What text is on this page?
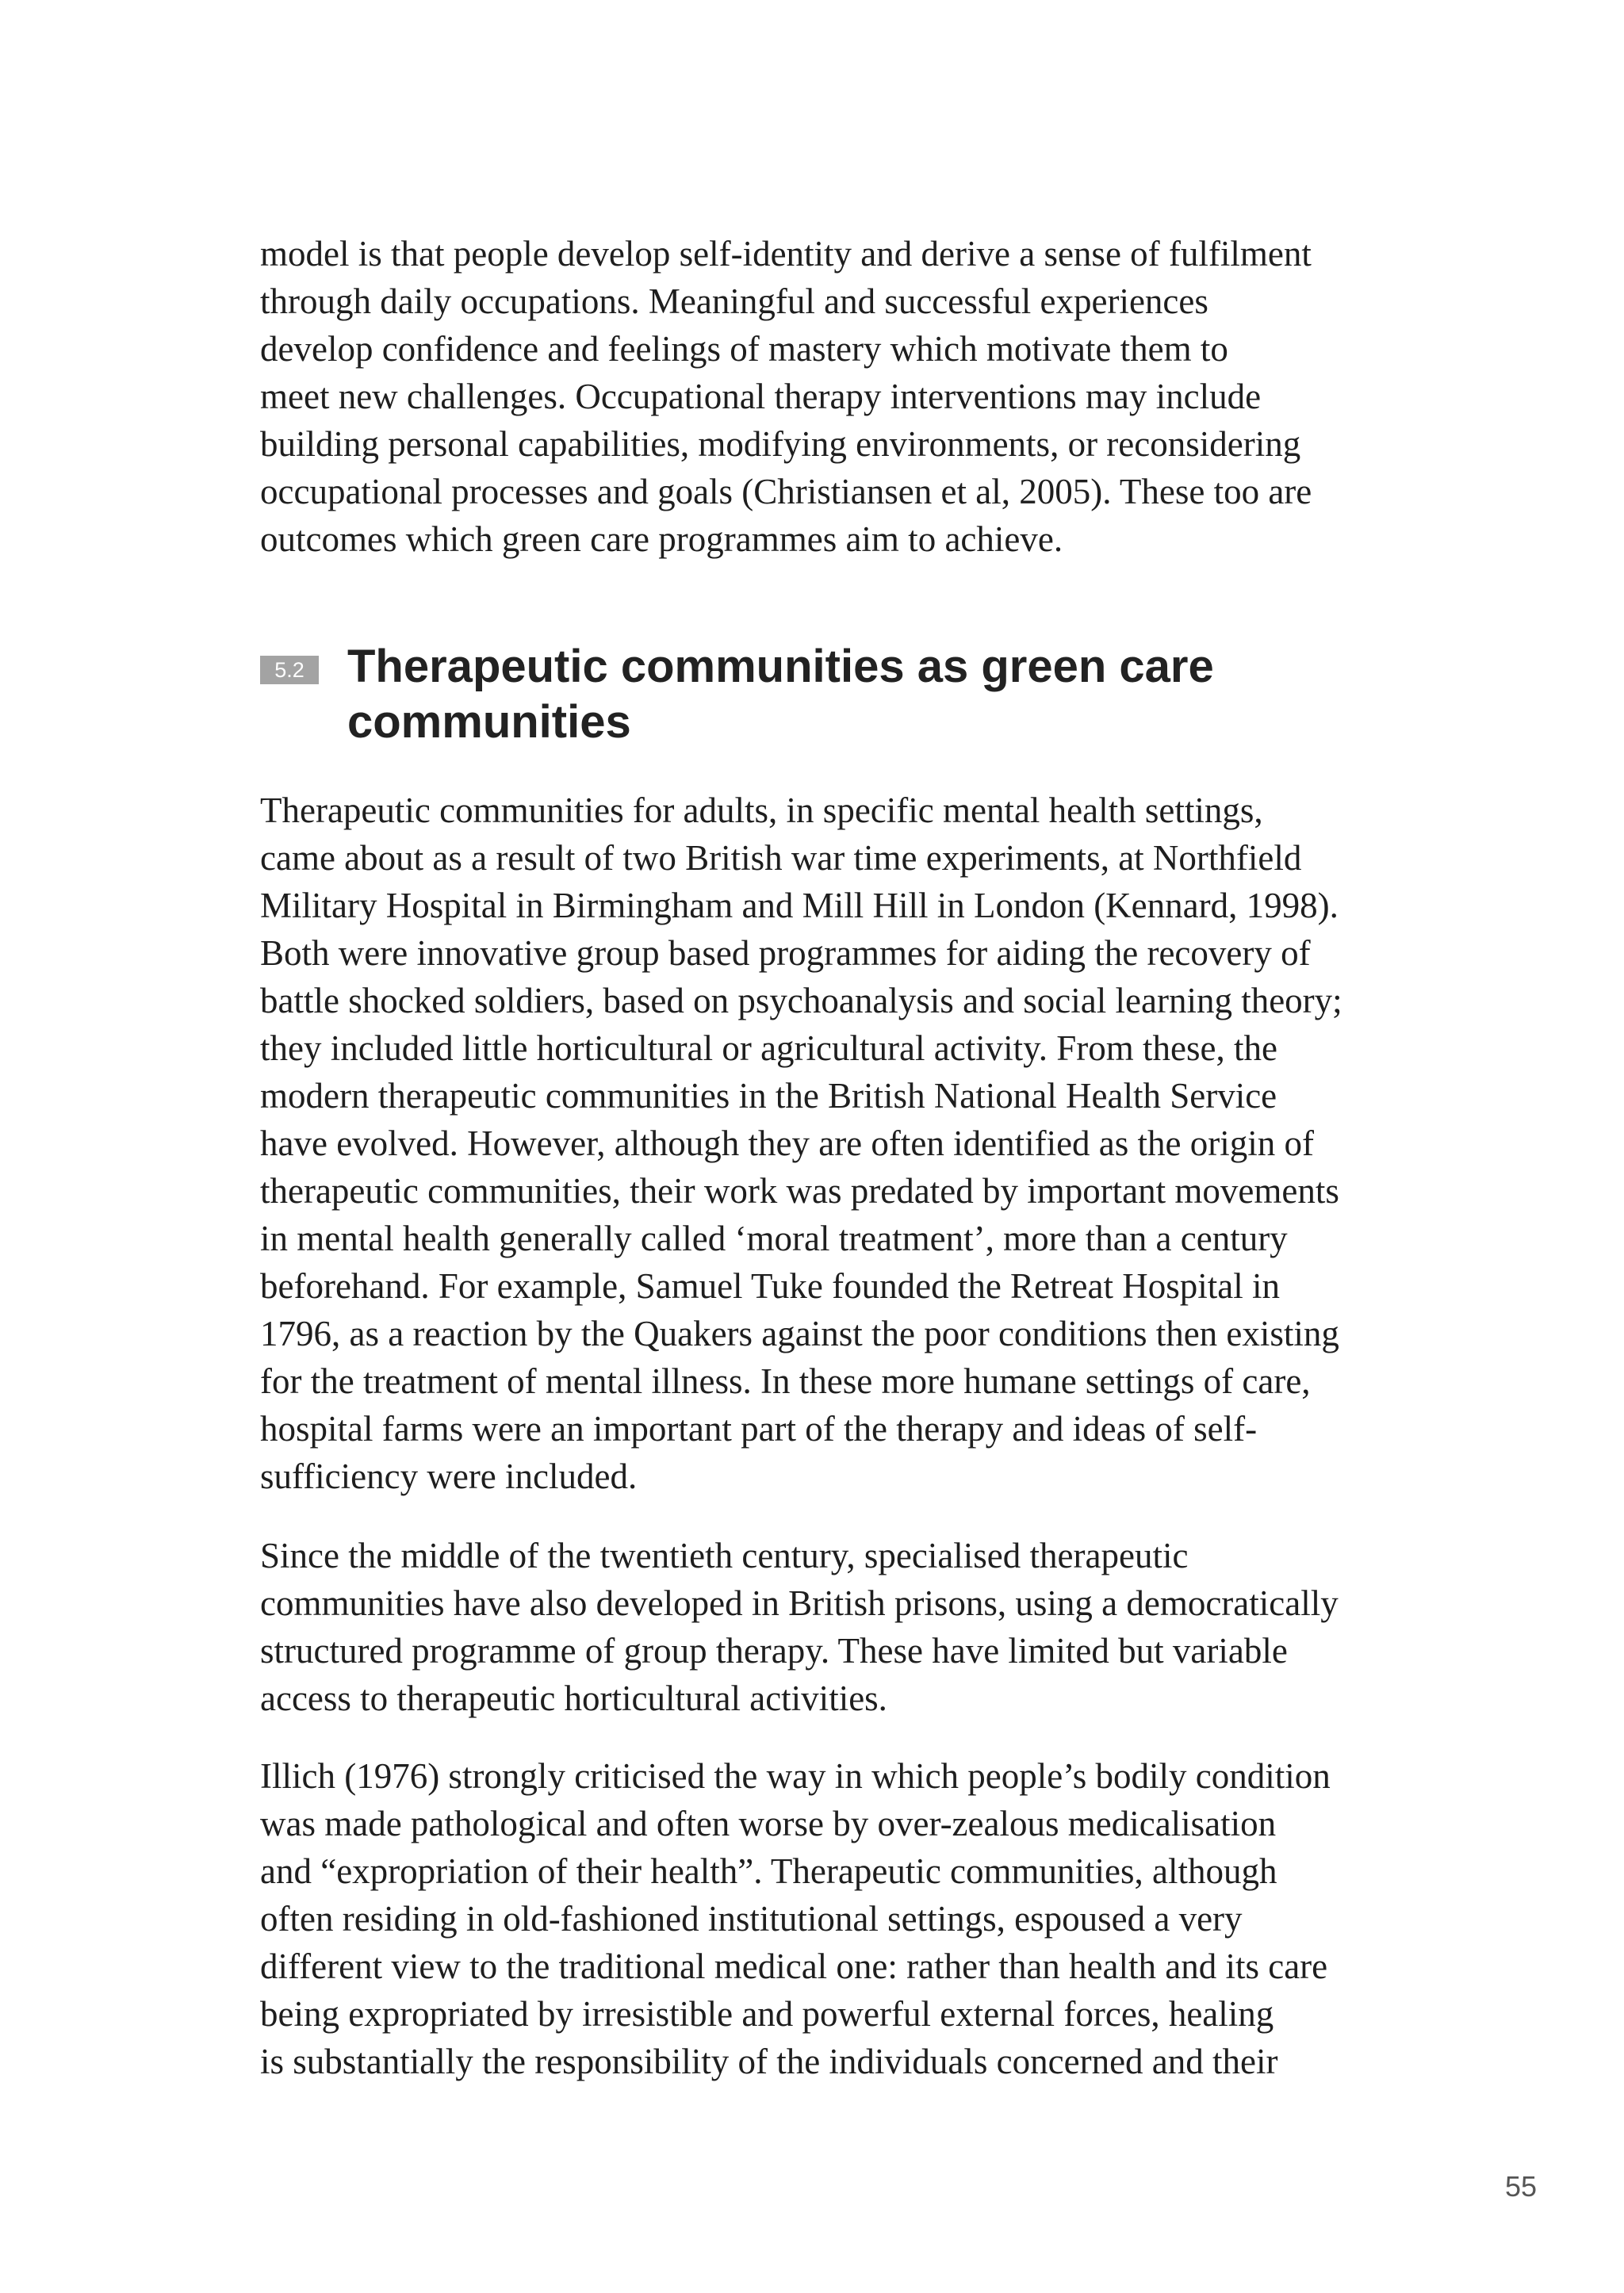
model is that people develop self-identity and derive a sense of fulfilment
through daily occupations. Meaningful and successful experiences
develop confidence and feelings of mastery which motivate them to
meet new challenges. Occupational therapy interventions may include
building personal capabilities, modifying environments, or reconsidering
occupational processes and goals (Christiansen et al, 2005). These too are
outcomes which green care programmes aim to achieve.

5.2 Therapeutic communities as green care
communities

Therapeutic communities for adults, in specific mental health settings,
came about as a result of two British war time experiments, at Northfield
Military Hospital in Birmingham and Mill Hill in London (Kennard, 1998).
Both were innovative group based programmes for aiding the recovery of
battle shocked soldiers, based on psychoanalysis and social learning theory;
they included little horticultural or agricultural activity. From these, the
modern therapeutic communities in the British National Health Service
have evolved. However, although they are often identified as the origin of
therapeutic communities, their work was predated by important movements
in mental health generally called ‘moral treatment’, more than a century
beforehand. For example, Samuel Tuke founded the Retreat Hospital in
1796, as a reaction by the Quakers against the poor conditions then existing
for the treatment of mental illness. In these more humane settings of care,
hospital farms were an important part of the therapy and ideas of self-
sufficiency were included.

Since the middle of the twentieth century, specialised therapeutic
communities have also developed in British prisons, using a democratically
structured programme of group therapy. These have limited but variable
access to therapeutic horticultural activities.

Illich (1976) strongly criticised the way in which people’s bodily condition
was made pathological and often worse by over-zealous medicalisation
and “expropriation of their health”. Therapeutic communities, although
often residing in old-fashioned institutional settings, espoused a very
different view to the traditional medical one: rather than health and its care
being expropriated by irresistible and powerful external forces, healing
is substantially the responsibility of the individuals concerned and their

55
